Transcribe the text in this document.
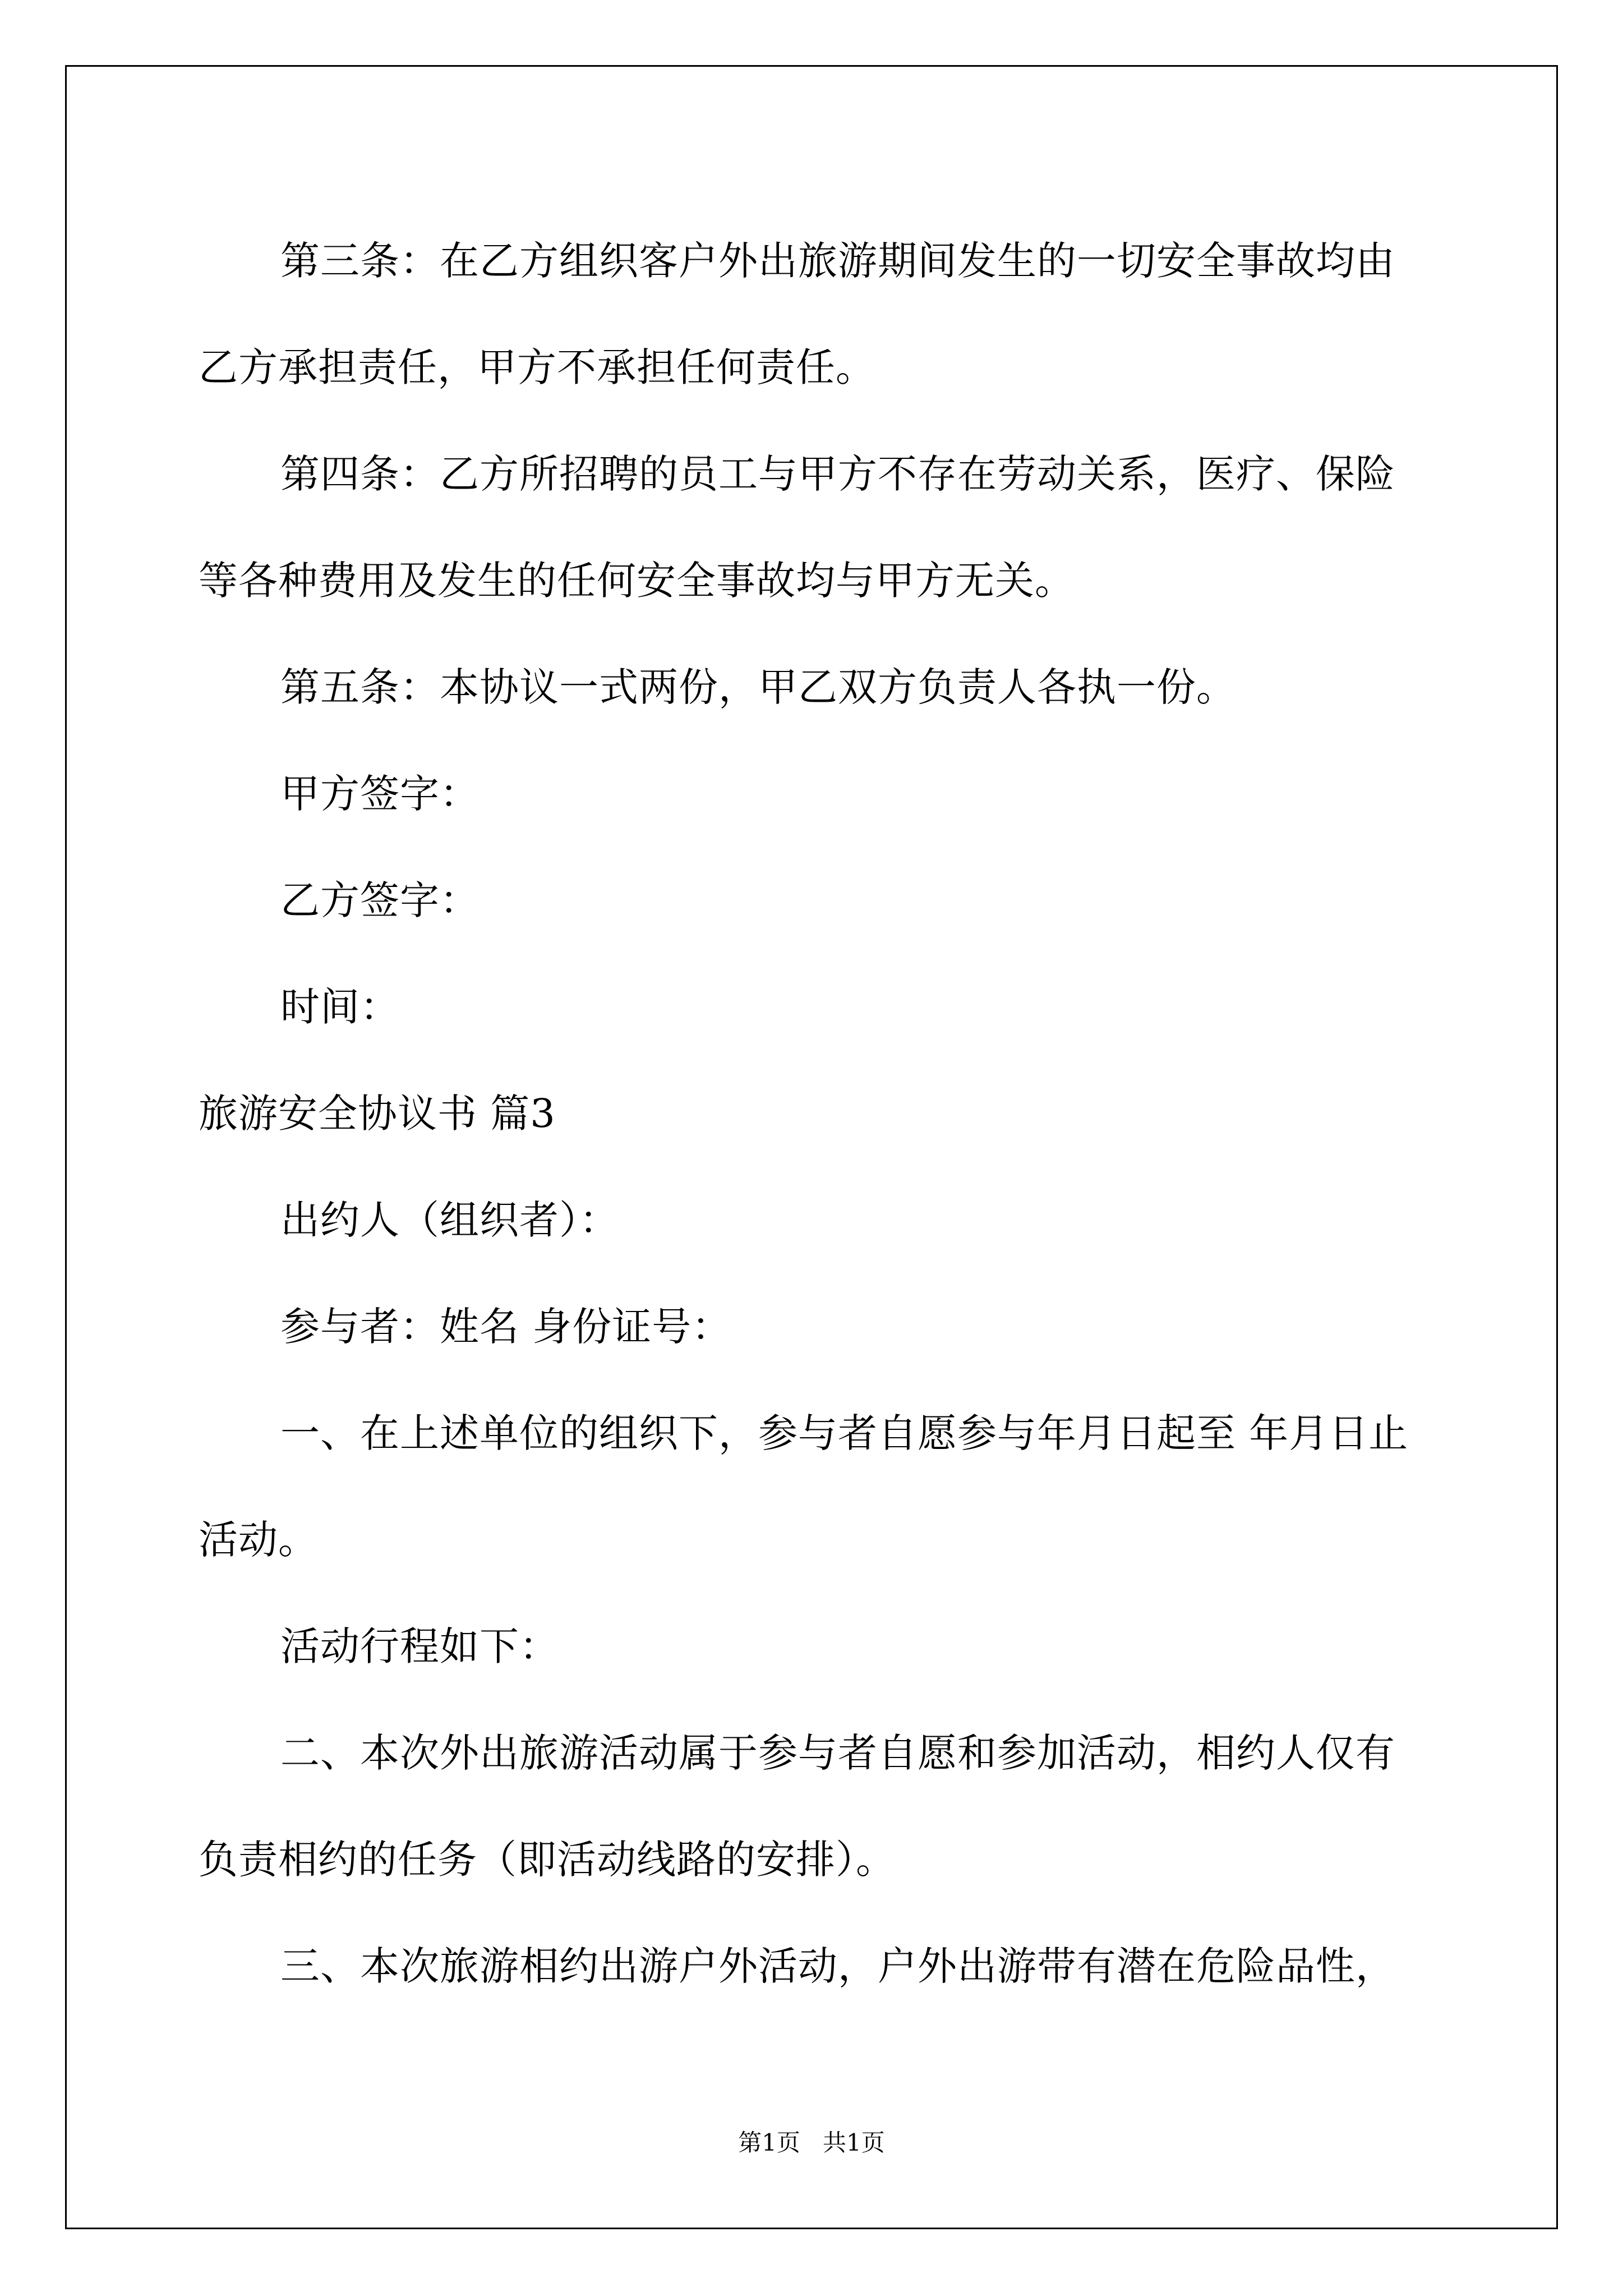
第三条：在乙方组织客户外出旅游期间发生的一切安全事故均由

乙方承担责任，甲方不承担任何责任。

第四条：乙方所招聘的员工与甲方不存在劳动关系，医疗、保险

等各种费用及发生的任何安全事故均与甲方无关。

第五条：本协议一式两份，甲乙双方负责人各执一份。

甲方签字：

乙方签字：

时间：

旅游安全协议书 篇3

出约人（组织者）：

参与者：姓名 身份证号：

一、在上述单位的组织下，参与者自愿参与年月日起至 年月日止

活动。

活动行程如下：

二、本次外出旅游活动属于参与者自愿和参加活动，相约人仅有

负责相约的任务（即活动线路的安排）。

三、本次旅游相约出游户外活动，户外出游带有潜在危险品性，

第1页   共1页
